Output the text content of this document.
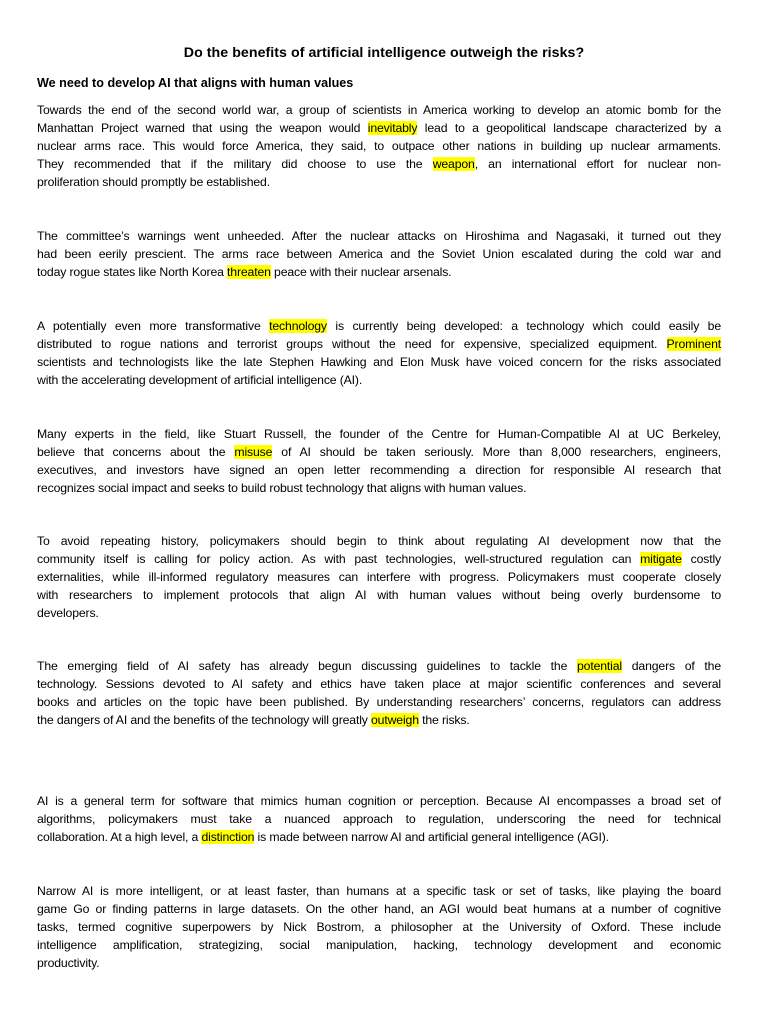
Do the benefits of artificial intelligence outweigh the risks?
We need to develop AI that aligns with human values

Towards the end of the second world war, a group of scientists in America working to develop an atomic bomb for the
Manhattan Project warned that using the weapon would inevitably lead to a geopolitical landscape characterized by a
nuclear arms race. This would force America, they said, to outpace other nations in building up nuclear armaments.
They recommended that if the military did choose to use the weapon, an international effort for nuclear non-
proliferation should promptly be established.

The committee’s warnings went unheeded. After the nuclear attacks on Hiroshima and Nagasaki, it turned out they
had been eerily prescient. The arms race between America and the Soviet Union escalated during the cold war and
today rogue states like North Korea threaten peace with their nuclear arsenals.

A potentially even more transformative technology is currently being developed: a technology which could easily be
distributed to rogue nations and terrorist groups without the need for expensive, specialized equipment. Prominent
scientists and technologists like the late Stephen Hawking and Elon Musk have voiced concern for the risks associated
with the accelerating development of artificial intelligence (AI).

Many experts in the field, like Stuart Russell, the founder of the Centre for Human-Compatible AI at UC Berkeley,
believe that concerns about the misuse of AI should be taken seriously. More than 8,000 researchers, engineers,
executives, and investors have signed an open letter recommending a direction for responsible AI research that
recognizes social impact and seeks to build robust technology that aligns with human values.

To avoid repeating history, policymakers should begin to think about regulating AI development now that the
community itself is calling for policy action. As with past technologies, well-structured regulation can mitigate costly
externalities, while ill-informed regulatory measures can interfere with progress. Policymakers must cooperate closely
with researchers to implement protocols that align AI with human values without being overly burdensome to
developers.

The emerging field of AI safety has already begun discussing guidelines to tackle the potential dangers of the
technology. Sessions devoted to AI safety and ethics have taken place at major scientific conferences and several
books and articles on the topic have been published. By understanding researchers’ concerns, regulators can address
the dangers of AI and the benefits of the technology will greatly outweigh the risks.

AI is a general term for software that mimics human cognition or perception. Because AI encompasses a broad set of
algorithms, policymakers must take a nuanced approach to regulation, underscoring the need for technical
collaboration. At a high level, a distinction is made between narrow AI and artificial general intelligence (AGI).

Narrow AI is more intelligent, or at least faster, than humans at a specific task or set of tasks, like playing the board
game Go or finding patterns in large datasets. On the other hand, an AGI would beat humans at a number of cognitive
tasks, termed cognitive superpowers by Nick Bostrom, a philosopher at the University of Oxford. These include
intelligence amplification, strategizing, social manipulation, hacking, technology development and economic
productivity.
